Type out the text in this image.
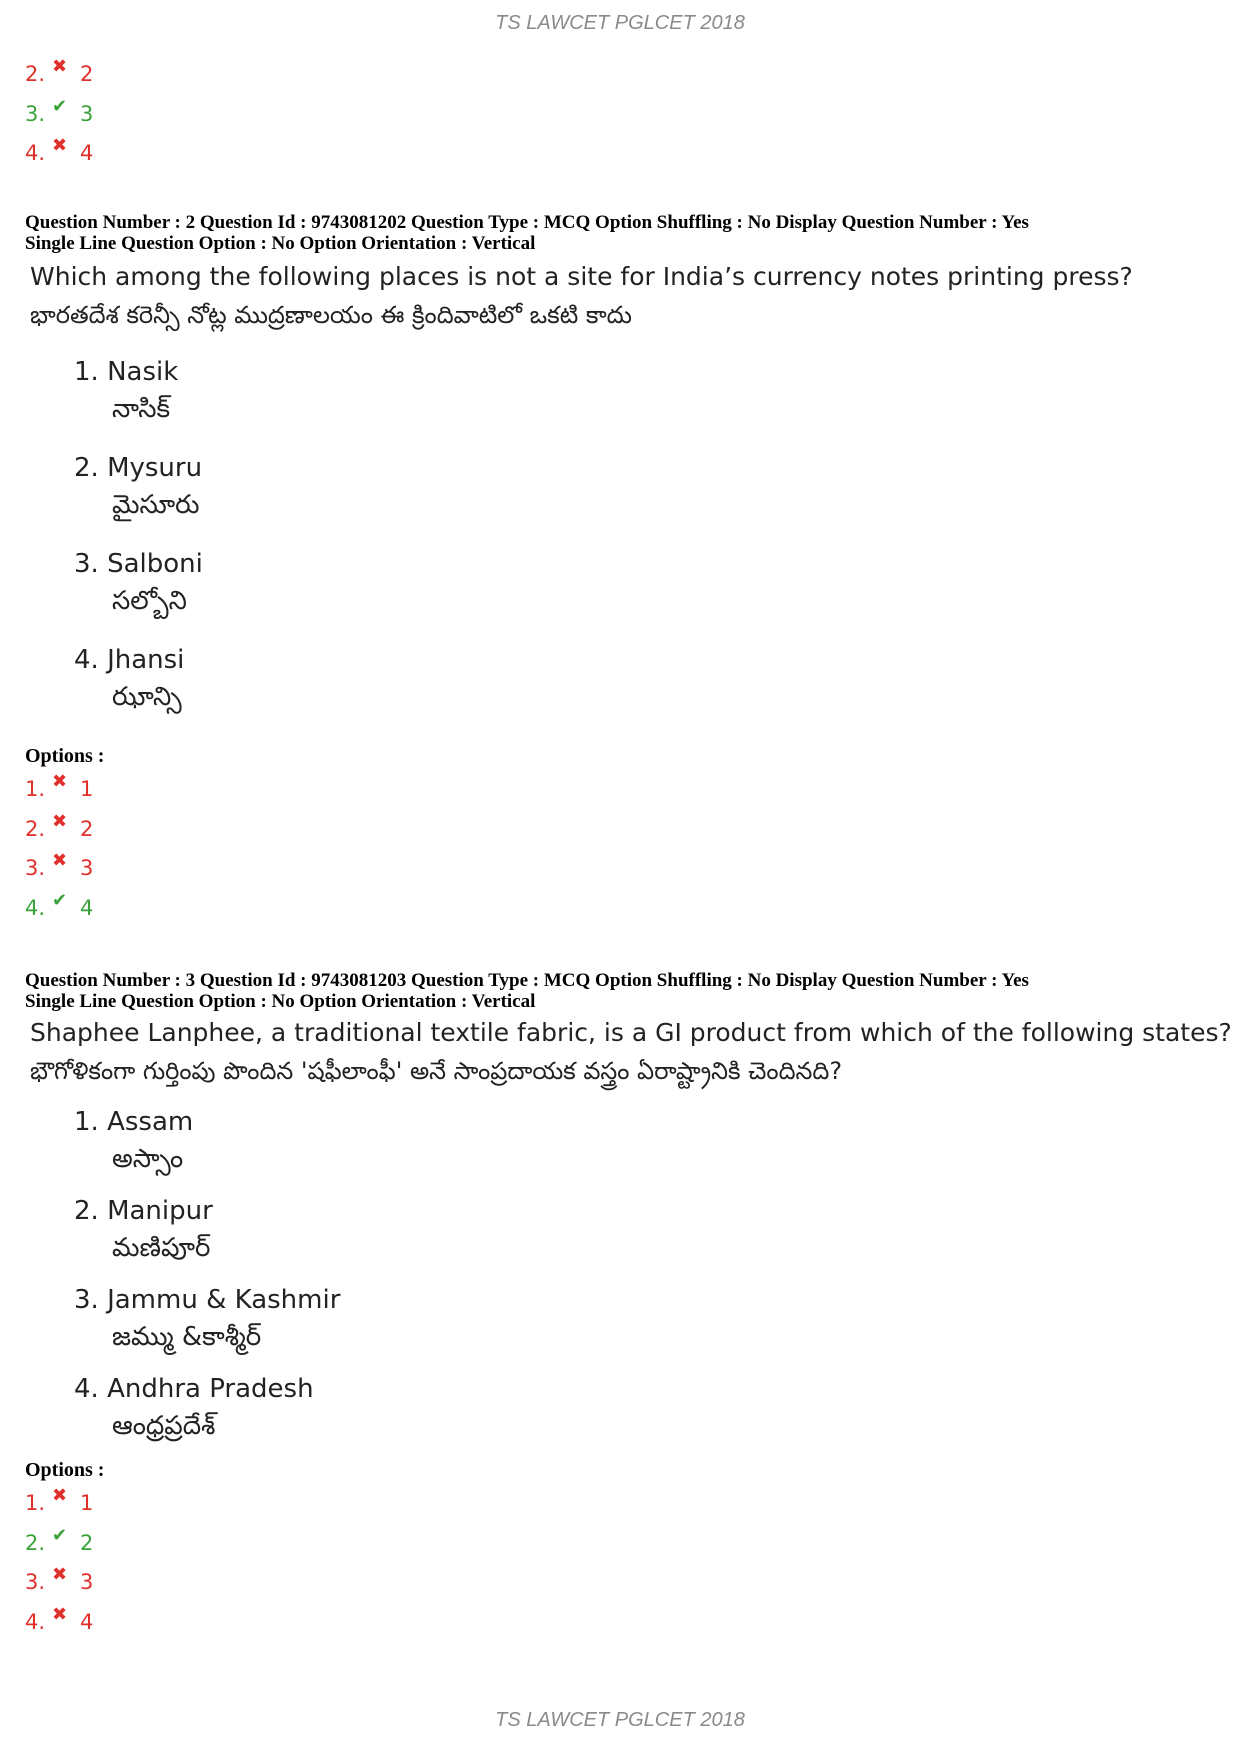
TS LAWCET PGLCET 2018
2. ✖ 2
3. ✔ 3
4. ✖ 4
Question Number : 2 Question Id : 9743081202 Question Type : MCQ Option Shuffling : No Display Question Number : Yes
Single Line Question Option : No Option Orientation : Vertical
Which among the following places is not a site for India’s currency notes printing press?
భారతదేశ కరెన్సీ నోట్ల ముద్రణాలయం ఈ క్రిందివాటిలో ఒకటి కాదు
1. Nasik
నాసిక్
2. Mysuru
మైసూరు
3. Salboni
సల్బోని
4. Jhansi
ఝాన్సి
Options :
1. ✖ 1
2. ✖ 2
3. ✖ 3
4. ✔ 4
Question Number : 3 Question Id : 9743081203 Question Type : MCQ Option Shuffling : No Display Question Number : Yes
Single Line Question Option : No Option Orientation : Vertical
Shaphee Lanphee, a traditional textile fabric, is a GI product from which of the following states?
భౌగోళికంగా గుర్తింపు పొందిన 'షఫీలాంఫీ' అనే సాంప్రదాయక వస్త్రం ఏరాష్ట్రానికి చెందినది?
1. Assam
అస్సాం
2. Manipur
మణిపూర్
3. Jammu & Kashmir
జమ్ము &కాశ్మీర్
4. Andhra Pradesh
ఆంధ్రప్రదేశ్
Options :
1. ✖ 1
2. ✔ 2
3. ✖ 3
4. ✖ 4
TS LAWCET PGLCET 2018
